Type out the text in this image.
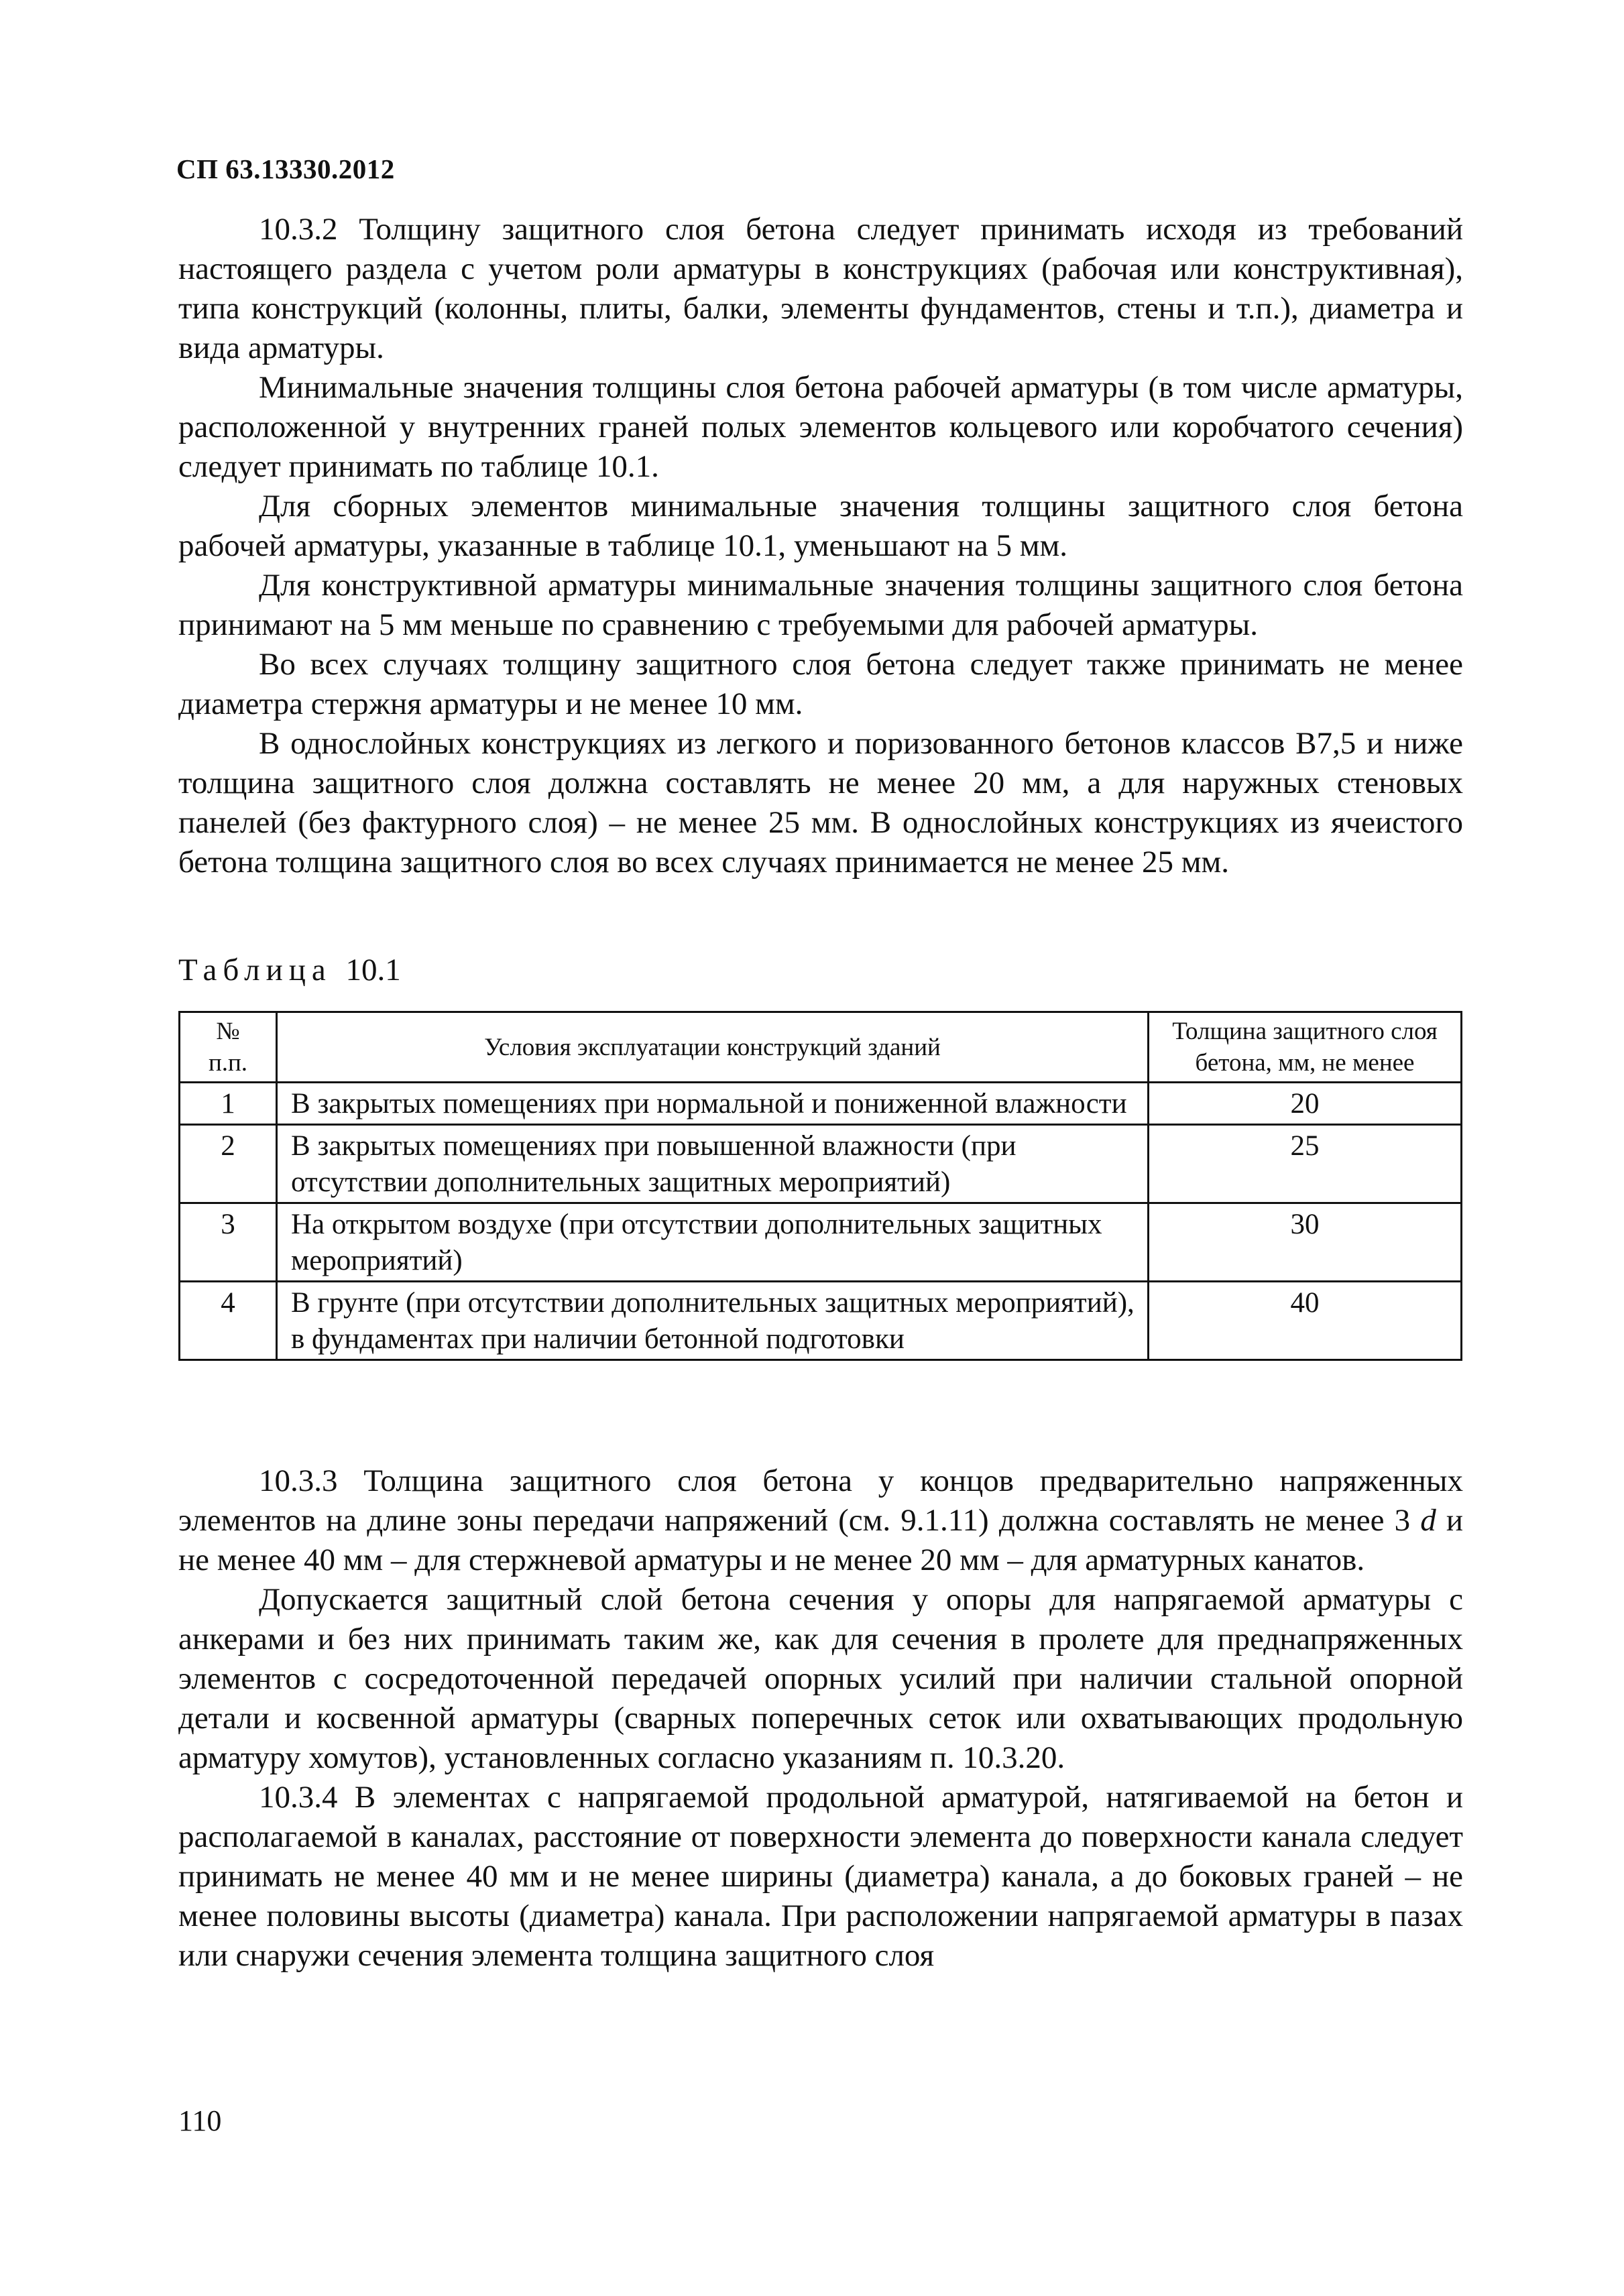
СП 63.13330.2012

10.3.2 Толщину защитного слоя бетона следует принимать исходя из требований настоящего раздела с учетом роли арматуры в конструкциях (рабочая или конструктивная), типа конструкций (колонны, плиты, балки, элементы фундаментов, стены и т.п.), диаметра и вида арматуры.

Минимальные значения толщины слоя бетона рабочей арматуры (в том числе арматуры, расположенной у внутренних граней полых элементов кольцевого или коробчатого сечения) следует принимать по таблице 10.1.

Для сборных элементов минимальные значения толщины защитного слоя бетона рабочей арматуры, указанные в таблице 10.1, уменьшают на 5 мм.

Для конструктивной арматуры минимальные значения толщины защитного слоя бетона принимают на 5 мм меньше по сравнению с требуемыми для рабочей арматуры.

Во всех случаях толщину защитного слоя бетона следует также принимать не менее диаметра стержня арматуры и не менее 10 мм.

В однослойных конструкциях из легкого и поризованного бетонов классов В7,5 и ниже толщина защитного слоя должна составлять не менее 20 мм, а для наружных стеновых панелей (без фактурного слоя) – не менее 25 мм. В однослойных конструкциях из ячеистого бетона толщина защитного слоя во всех случаях принимается не менее 25 мм.

Таблица 10.1
№
п.п.	Условия эксплуатации конструкций зданий	Толщина защитного слоя бетона, мм, не менее
1	В закрытых помещениях при нормальной и пониженной влажности	20
2	В закрытых помещениях при повышенной влажности (при отсутствии дополнительных защитных мероприятий)	25
3	На открытом воздухе (при отсутствии дополнительных защитных мероприятий)	30
4	В грунте (при отсутствии дополнительных защитных мероприятий), в фундаментах при наличии бетонной подготовки	40

10.3.3 Толщина защитного слоя бетона у концов предварительно напряженных элементов на длине зоны передачи напряжений (см. 9.1.11) должна составлять не менее 3 d и не менее 40 мм – для стержневой арматуры и не менее 20 мм – для арматурных канатов.

Допускается защитный слой бетона сечения у опоры для напрягаемой арматуры с анкерами и без них принимать таким же, как для сечения в пролете для преднапряженных элементов с сосредоточенной передачей опорных усилий при наличии стальной опорной детали и косвенной арматуры (сварных поперечных сеток или охватывающих продольную арматуру хомутов), установленных согласно указаниям п. 10.3.20.

10.3.4 В элементах с напрягаемой продольной арматурой, натягиваемой на бетон и располагаемой в каналах, расстояние от поверхности элемента до поверхности канала следует принимать не менее 40 мм и не менее ширины (диаметра) канала, а до боковых граней – не менее половины высоты (диаметра) канала. При расположении напрягаемой арматуры в пазах или снаружи сечения элемента толщина защитного слоя

110
